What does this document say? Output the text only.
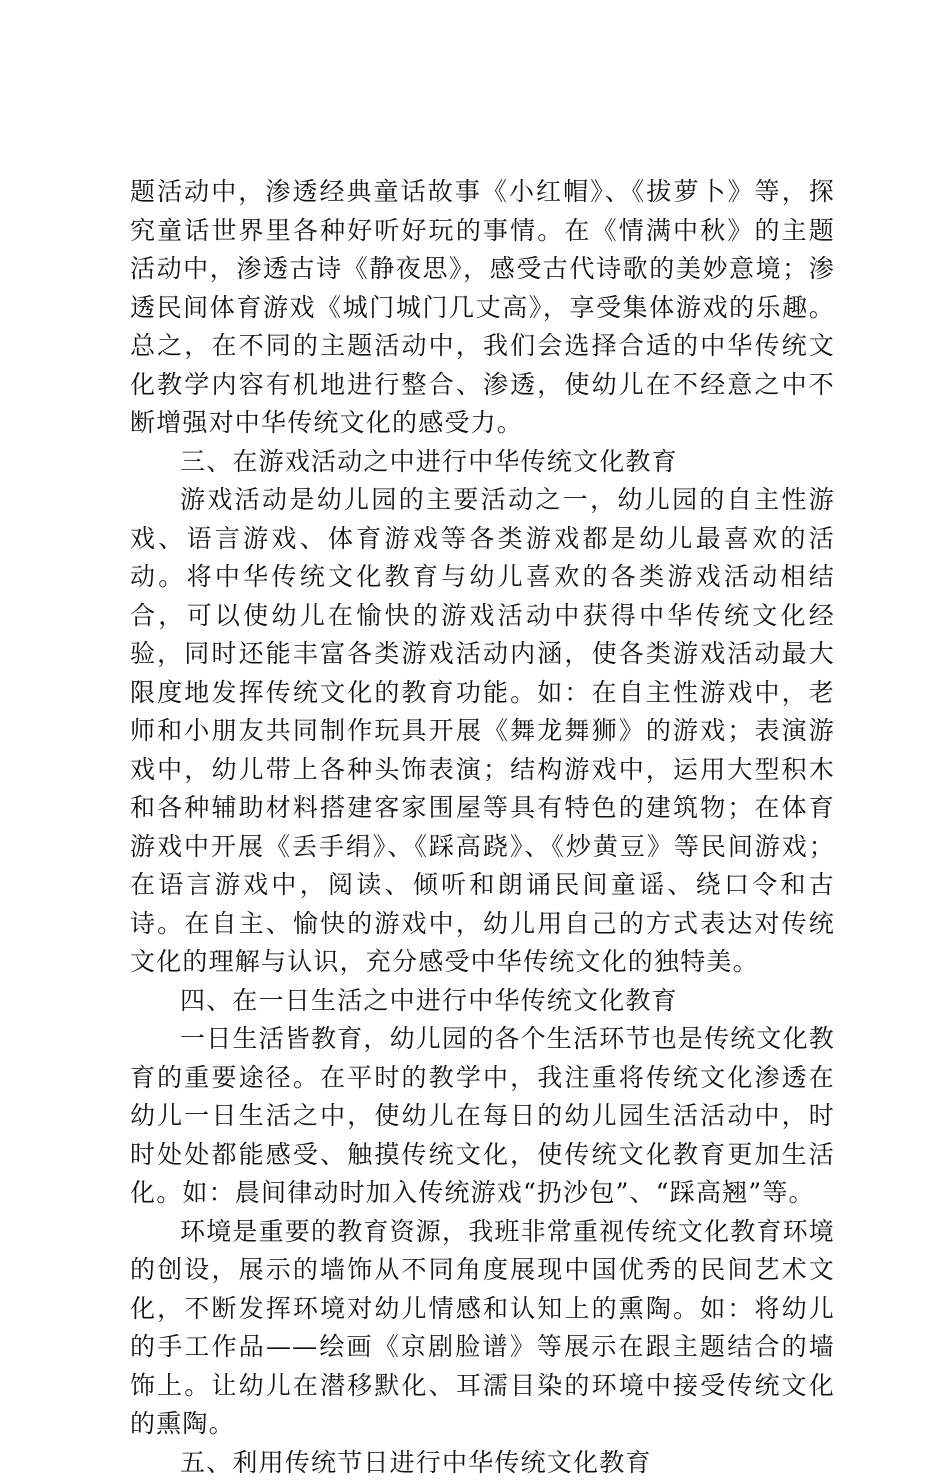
题活动中，渗透经典童话故事《小红帽》、《拔萝卜》等，探究童话世界里各种好听好玩的事情。在《情满中秋》的主题活动中，渗透古诗《静夜思》，感受古代诗歌的美妙意境；渗透民间体育游戏《城门城门几丈高》，享受集体游戏的乐趣。总之，在不同的主题活动中，我们会选择合适的中华传统文化教学内容有机地进行整合、渗透，使幼儿在不经意之中不断增强对中华传统文化的感受力。

三、在游戏活动之中进行中华传统文化教育

游戏活动是幼儿园的主要活动之一，幼儿园的自主性游戏、语言游戏、体育游戏等各类游戏都是幼儿最喜欢的活动。将中华传统文化教育与幼儿喜欢的各类游戏活动相结合，可以使幼儿在愉快的游戏活动中获得中华传统文化经验，同时还能丰富各类游戏活动内涵，使各类游戏活动最大限度地发挥传统文化的教育功能。如：在自主性游戏中，老师和小朋友共同制作玩具开展《舞龙舞狮》的游戏；表演游戏中，幼儿带上各种头饰表演；结构游戏中，运用大型积木和各种辅助材料搭建客家围屋等具有特色的建筑物；在体育游戏中开展《丢手绢》、《踩高跷》、《炒黄豆》等民间游戏；在语言游戏中，阅读、倾听和朗诵民间童谣、绕口令和古诗。在自主、愉快的游戏中，幼儿用自己的方式表达对传统文化的理解与认识，充分感受中华传统文化的独特美。

四、在一日生活之中进行中华传统文化教育

一日生活皆教育，幼儿园的各个生活环节也是传统文化教育的重要途径。在平时的教学中，我注重将传统文化渗透在幼儿一日生活之中，使幼儿在每日的幼儿园生活活动中，时时处处都能感受、触摸传统文化，使传统文化教育更加生活化。如：晨间律动时加入传统游戏“扔沙包”、“踩高翘”等。

环境是重要的教育资源，我班非常重视传统文化教育环境的创设，展示的墙饰从不同角度展现中国优秀的民间艺术文化，不断发挥环境对幼儿情感和认知上的熏陶。如：将幼儿的手工作品——绘画《京剧脸谱》等展示在跟主题结合的墙饰上。让幼儿在潜移默化、耳濡目染的环境中接受传统文化的熏陶。

五、利用传统节日进行中华传统文化教育
